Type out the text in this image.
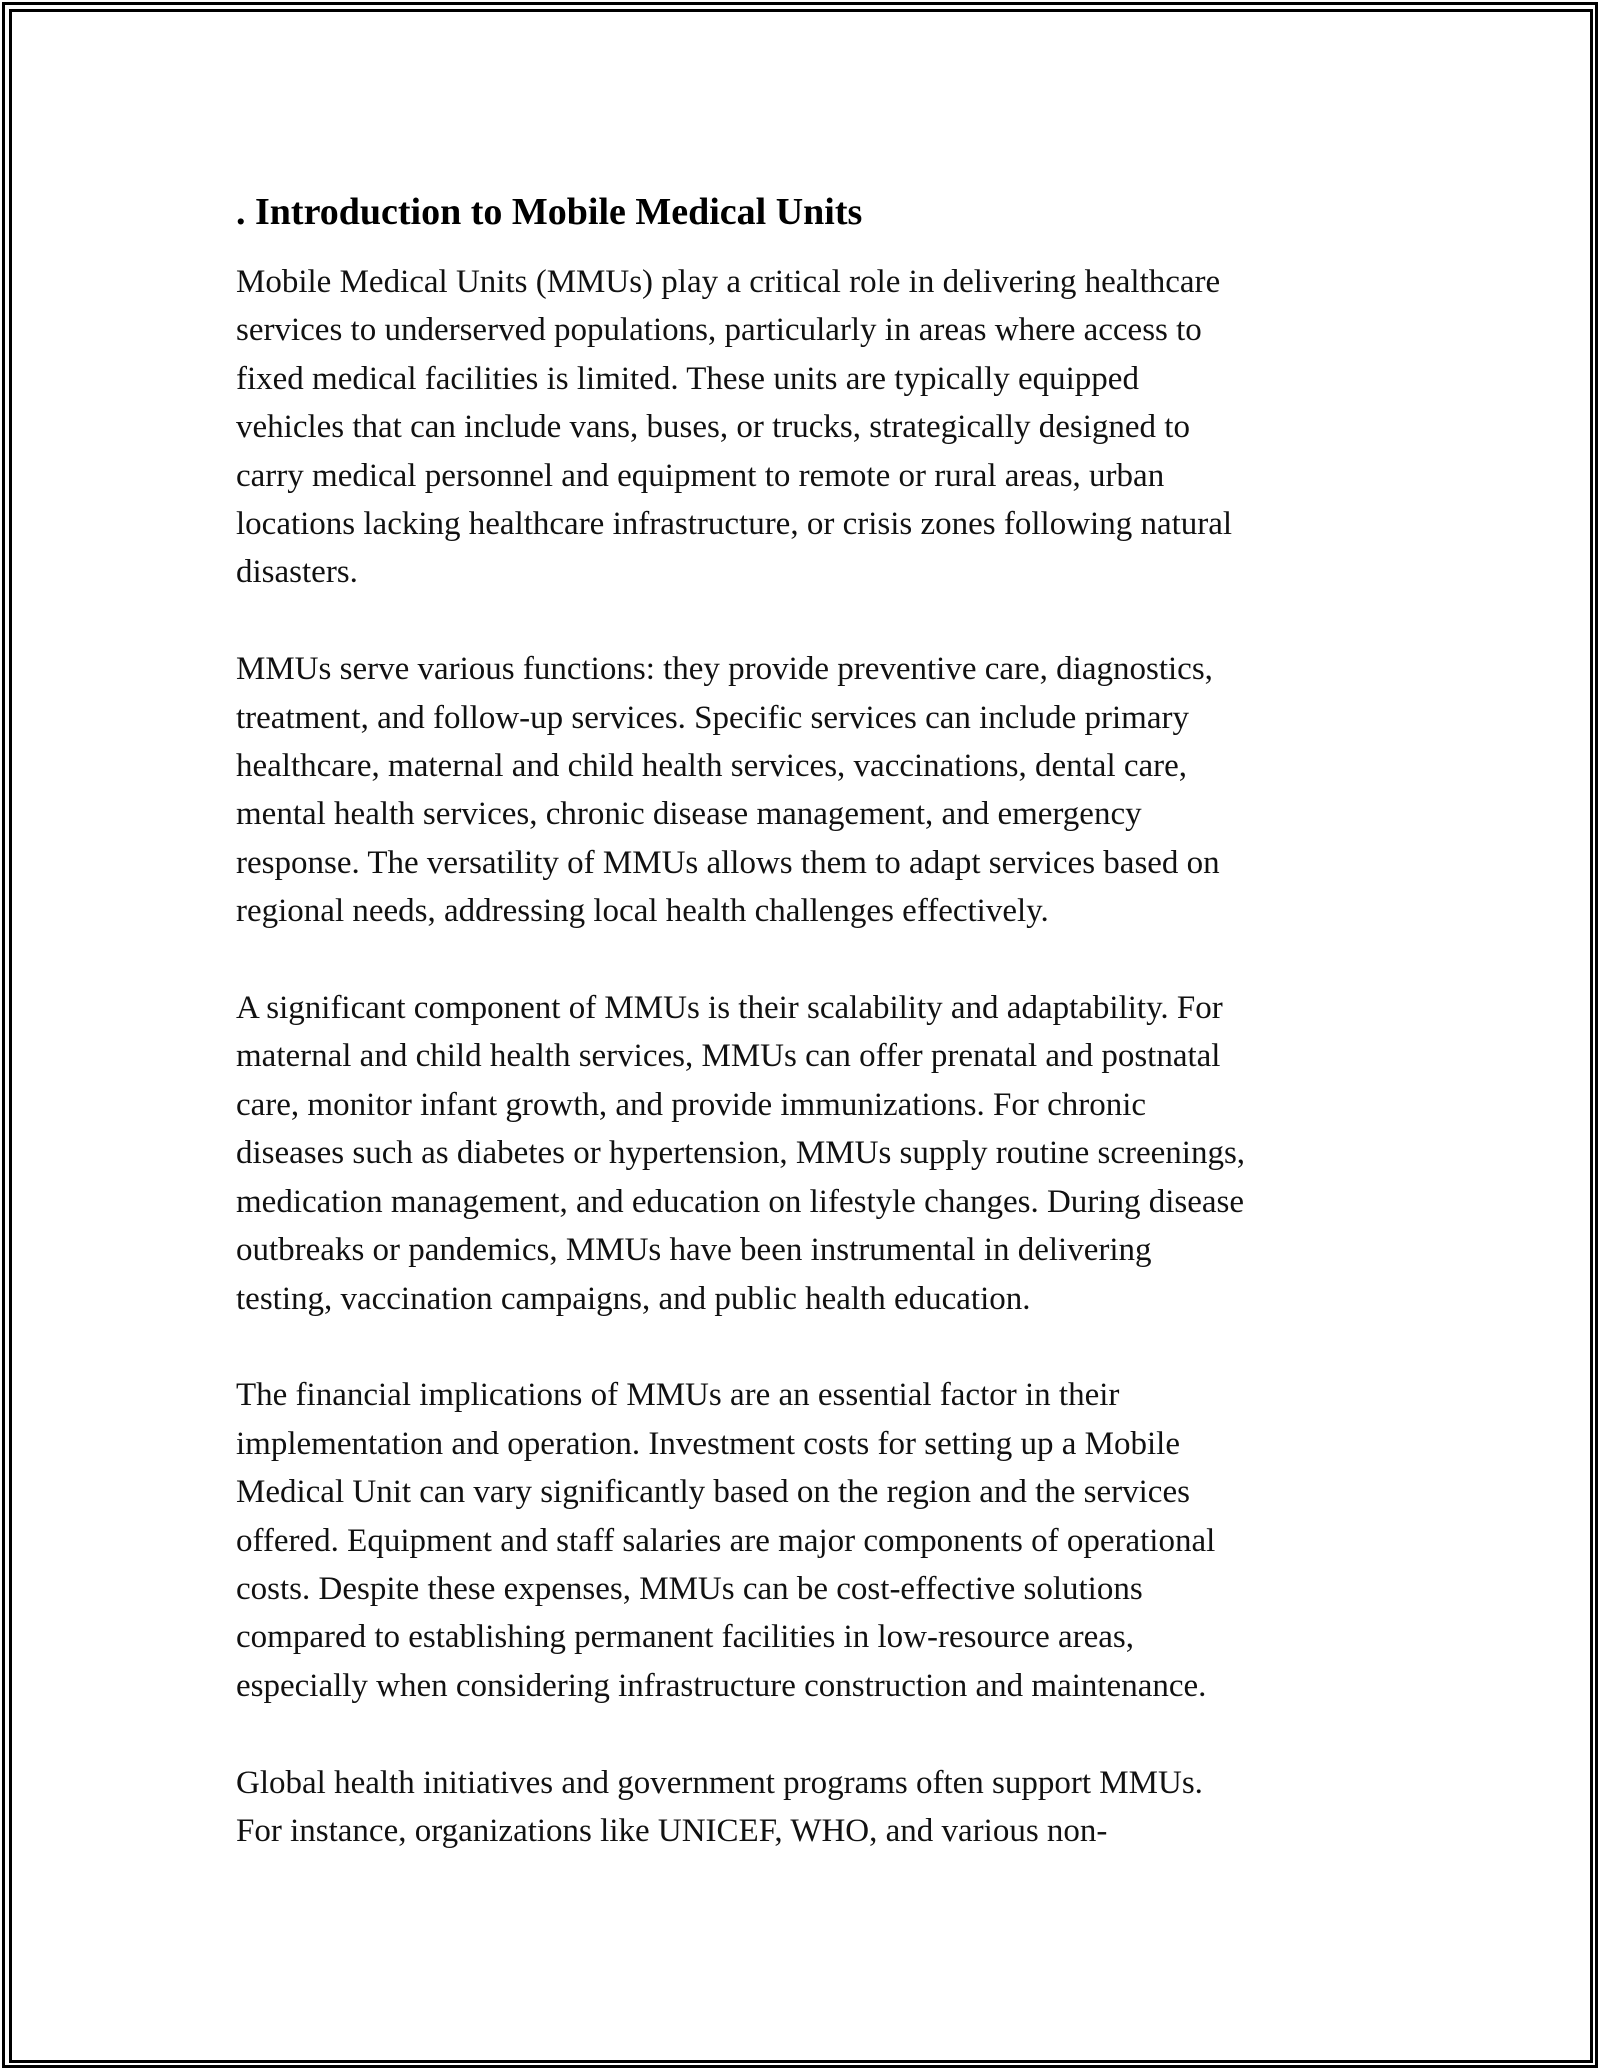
. Introduction to Mobile Medical Units

Mobile Medical Units (MMUs) play a critical role in delivering healthcare
services to underserved populations, particularly in areas where access to
fixed medical facilities is limited. These units are typically equipped
vehicles that can include vans, buses, or trucks, strategically designed to
carry medical personnel and equipment to remote or rural areas, urban
locations lacking healthcare infrastructure, or crisis zones following natural
disasters.

MMUs serve various functions: they provide preventive care, diagnostics,
treatment, and follow-up services. Specific services can include primary
healthcare, maternal and child health services, vaccinations, dental care,
mental health services, chronic disease management, and emergency
response. The versatility of MMUs allows them to adapt services based on
regional needs, addressing local health challenges effectively.

A significant component of MMUs is their scalability and adaptability. For
maternal and child health services, MMUs can offer prenatal and postnatal
care, monitor infant growth, and provide immunizations. For chronic
diseases such as diabetes or hypertension, MMUs supply routine screenings,
medication management, and education on lifestyle changes. During disease
outbreaks or pandemics, MMUs have been instrumental in delivering
testing, vaccination campaigns, and public health education.

The financial implications of MMUs are an essential factor in their
implementation and operation. Investment costs for setting up a Mobile
Medical Unit can vary significantly based on the region and the services
offered. Equipment and staff salaries are major components of operational
costs. Despite these expenses, MMUs can be cost-effective solutions
compared to establishing permanent facilities in low-resource areas,
especially when considering infrastructure construction and maintenance.

Global health initiatives and government programs often support MMUs.
For instance, organizations like UNICEF, WHO, and various non-
